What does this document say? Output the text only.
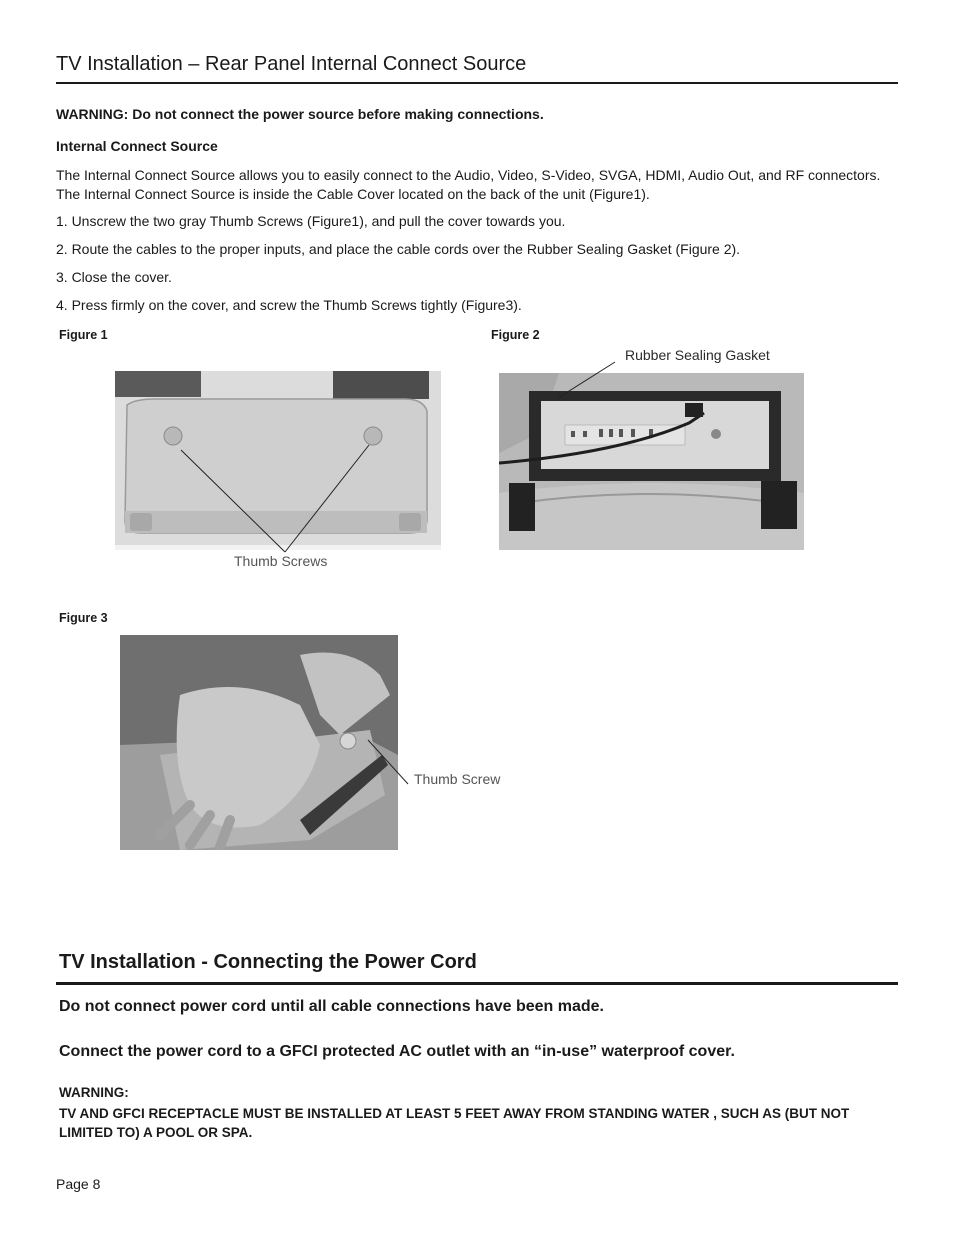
TV Installation – Rear Panel Internal Connect Source
WARNING: Do not connect the power source before making connections.
Internal Connect Source
The Internal Connect Source allows you to easily connect to the Audio, Video, S-Video, SVGA, HDMI, Audio Out, and RF connectors.
The Internal Connect Source is inside the Cable Cover located on the back of the unit (Figure1).
1. Unscrew the two gray Thumb Screws (Figure1), and pull the cover towards you.
2. Route the cables to the proper inputs, and place the cable cords over the Rubber Sealing Gasket (Figure 2).
3. Close the cover.
4. Press firmly on the cover, and screw the Thumb Screws tightly (Figure3).
Figure 1	Figure 2
Figure 3
Thumb Screws
Rubber Sealing Gasket
Thumb Screw
TV Installation - Connecting the Power Cord
Do not connect power cord until all cable connections have been made.
Connect the power cord to a GFCI protected AC outlet with an “in-use” waterproof cover.
WARNING:
TV AND GFCI RECEPTACLE MUST BE INSTALLED AT LEAST 5 FEET AWAY FROM STANDING WATER , SUCH AS (BUT NOT LIMITED TO) A POOL OR SPA.
Page 8
